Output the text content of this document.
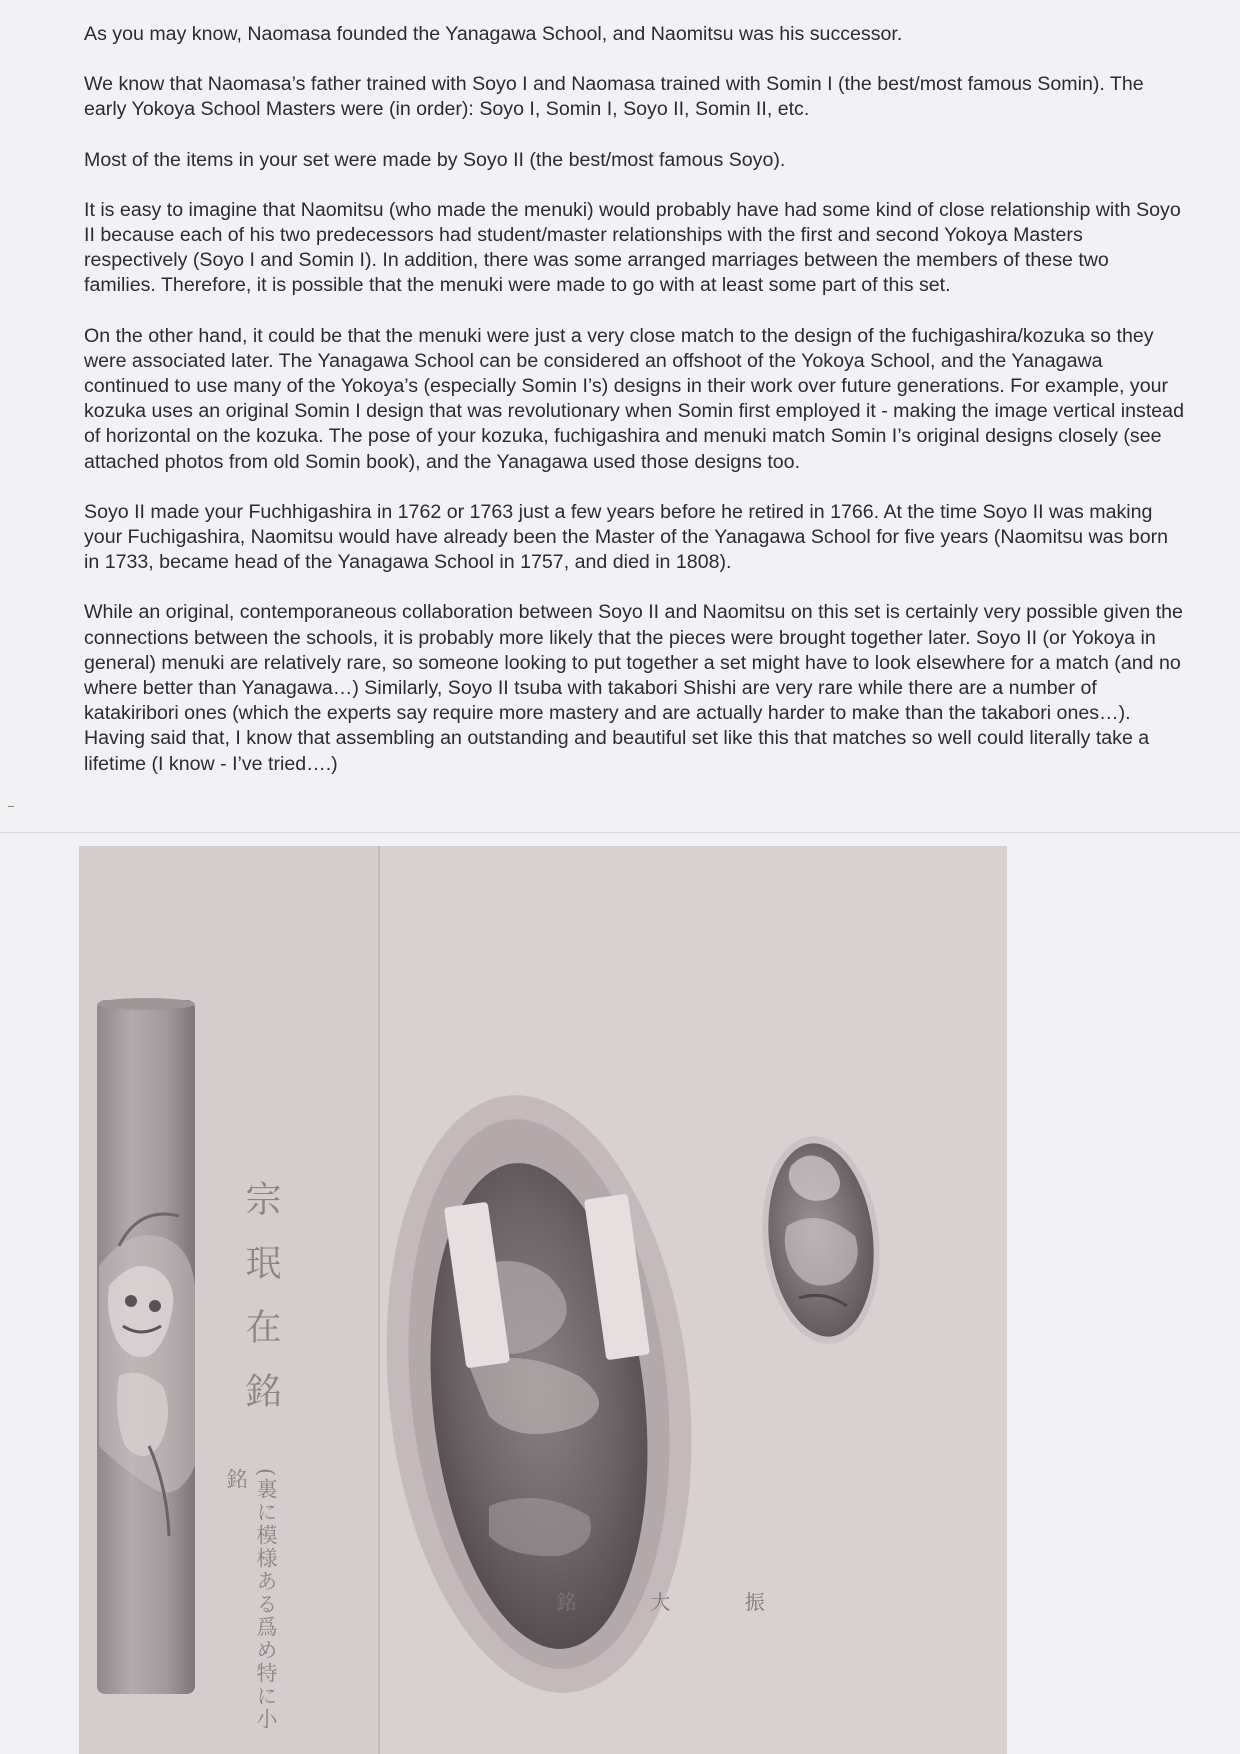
As you may know, Naomasa founded the Yanagawa School, and Naomitsu was his successor.

We know that Naomasa’s father trained with Soyo I and Naomasa trained with Somin I (the best/most famous Somin). The early Yokoya School Masters were (in order): Soyo I, Somin I, Soyo II, Somin II, etc.

Most of the items in your set were made by Soyo II (the best/most famous Soyo).

It is easy to imagine that Naomitsu (who made the menuki) would probably have had some kind of close relationship with Soyo II because each of his two predecessors had student/master relationships with the first and second Yokoya Masters respectively (Soyo I and Somin I). In addition, there was some arranged marriages between the members of these two families. Therefore, it is possible that the menuki were made to go with at least some part of this set.

On the other hand, it could be that the menuki were just a very close match to the design of the fuchigashira/kozuka so they were associated later. The Yanagawa School can be considered an offshoot of the Yokoya School, and the Yanagawa continued to use many of the Yokoya’s (especially Somin I’s) designs in their work over future generations. For example, your kozuka uses an original Somin I design that was revolutionary when Somin first employed it - making the image vertical instead of horizontal on the kozuka. The pose of your kozuka, fuchigashira and menuki match Somin I’s original designs closely (see attached photos from old Somin book), and the Yanagawa used those designs too.

Soyo II made your Fuchhigashira in 1762 or 1763 just a few years before he retired in 1766. At the time Soyo II was making your Fuchigashira, Naomitsu would have already been the Master of the Yanagawa School for five years (Naomitsu was born in 1733, became head of the Yanagawa School in 1757, and died in 1808).

While an original, contemporaneous collaboration between Soyo II and Naomitsu on this set is certainly very possible given the connections between the schools, it is probably more likely that the pieces were brought together later. Soyo II (or Yokoya in general) menuki are relatively rare, so someone looking to put together a set might have to look elsewhere for a match (and no where better than Yanagawa…) Similarly, Soyo II tsuba with takabori Shishi are very rare while there are a number of katakiribori ones (which the experts say require more mastery and are actually harder to make than the takabori ones…). Having said that, I know that assembling an outstanding and beautiful set like this that matches so well could literally take a lifetime (I know - I’ve tried….)

宗珉在銘
(裏に模様ある爲め特に小銘
銘 大 振
